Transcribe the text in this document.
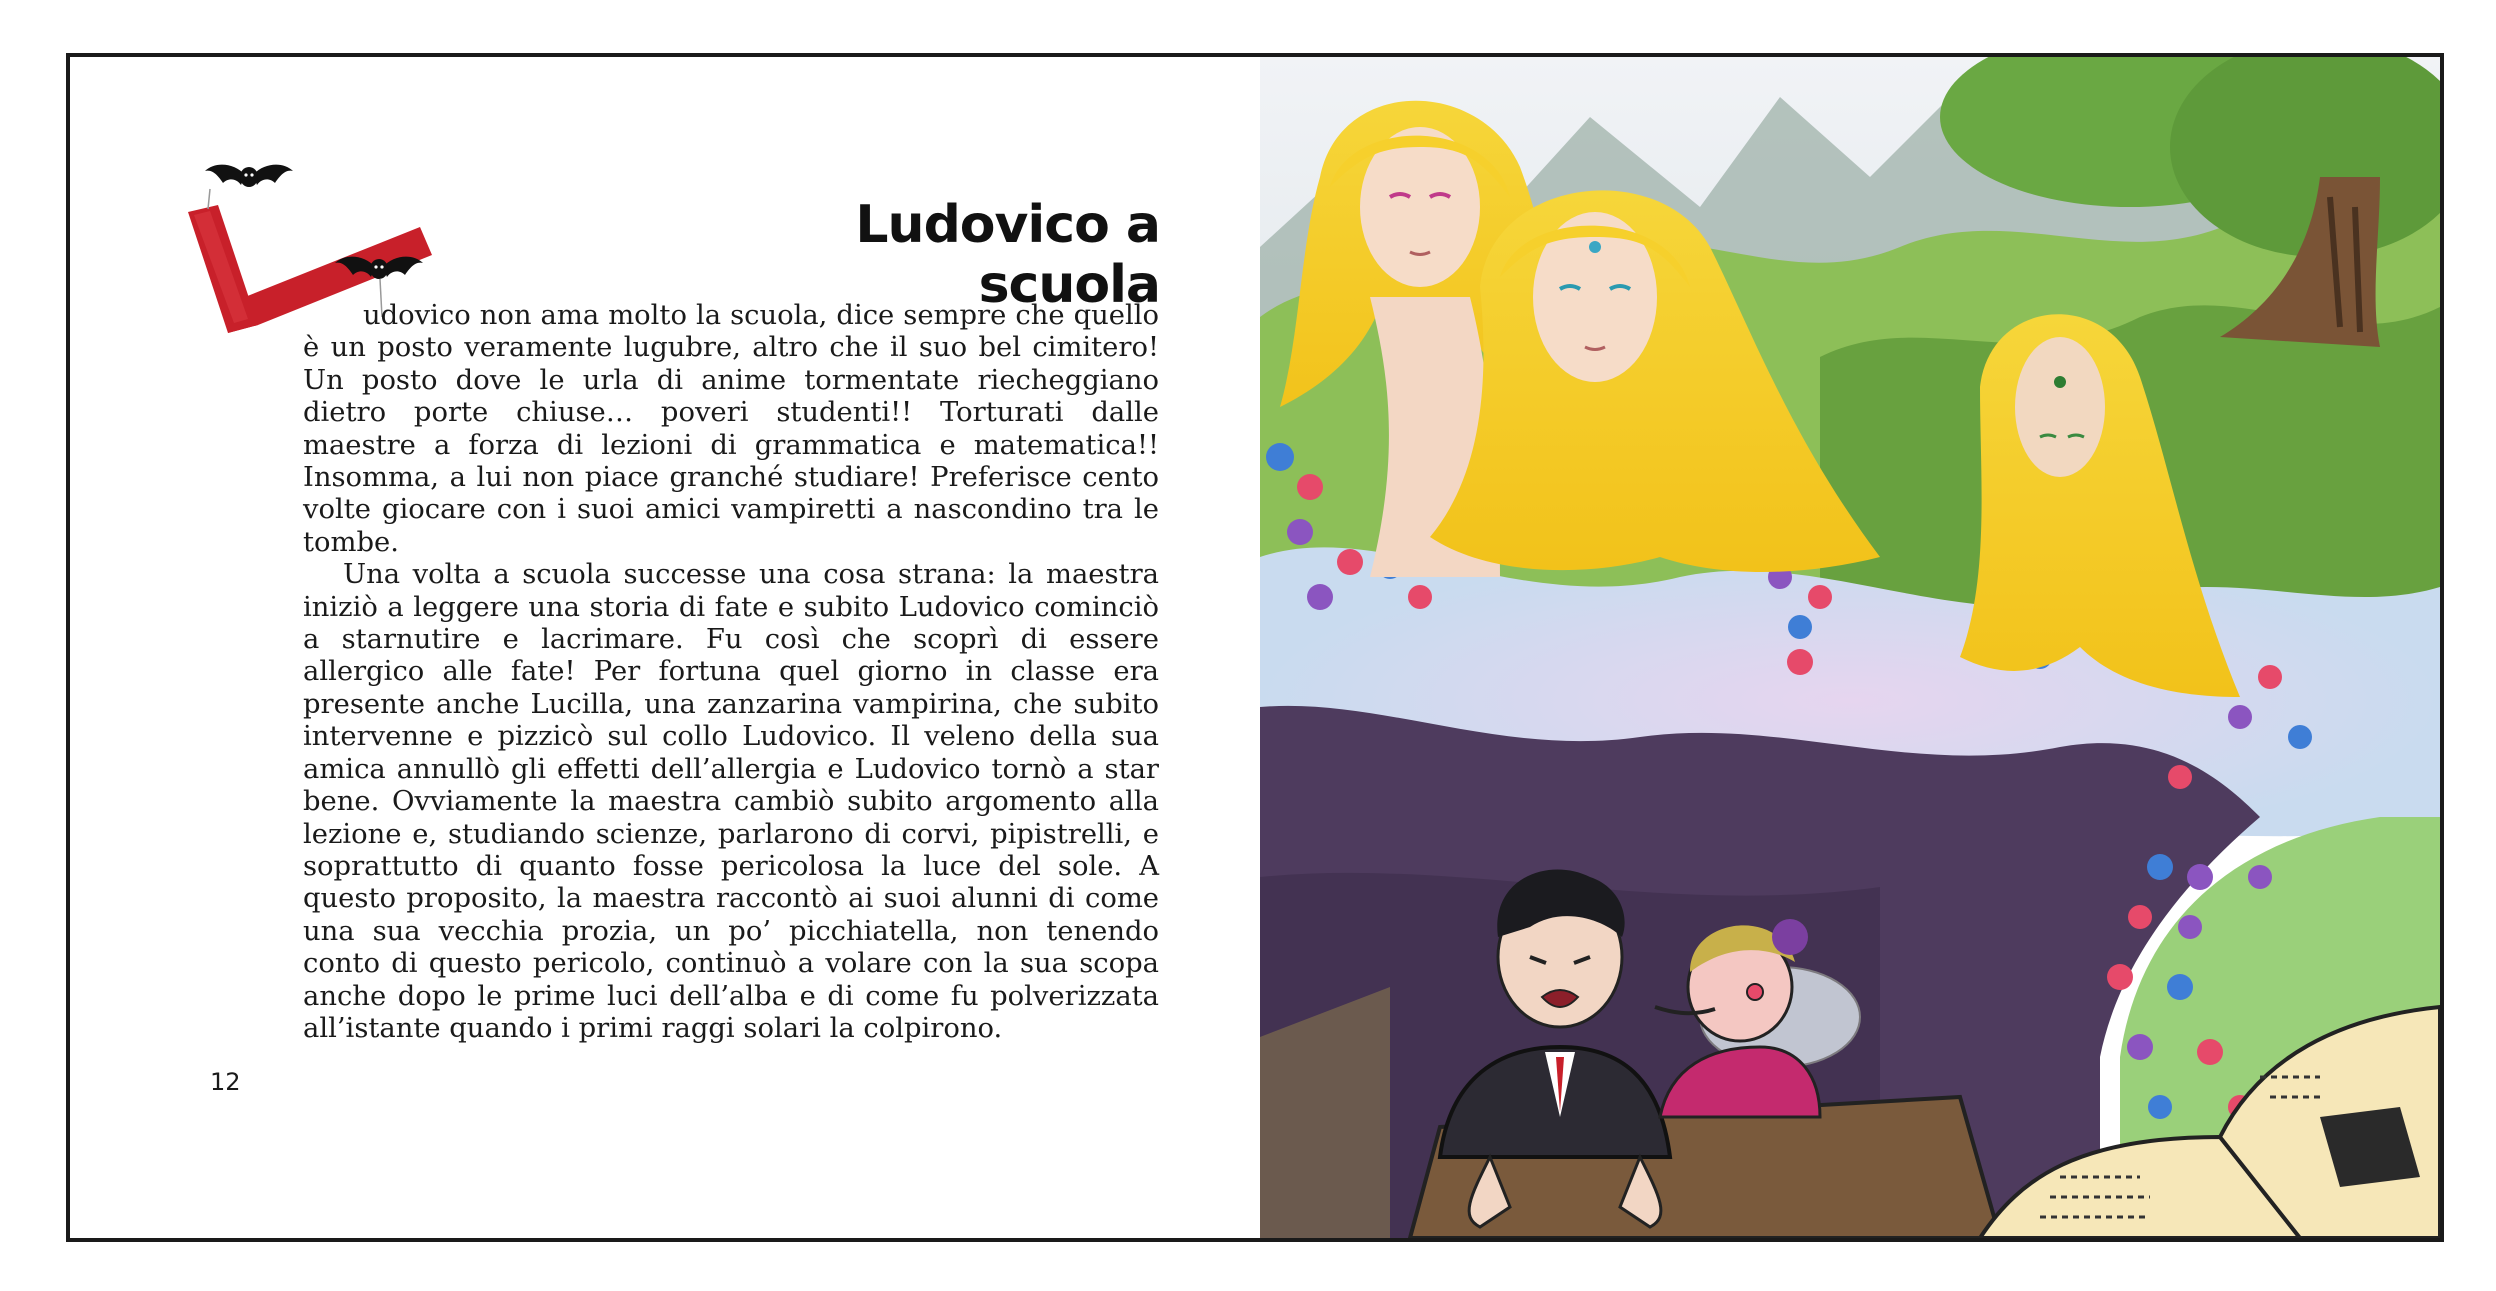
Ludovico a scuola

udovico non ama molto la scuola, dice sempre che quello è un posto veramente lugubre, altro che il suo bel cimitero! Un posto dove le urla di anime tormentate riecheggiano dietro porte chiuse… poveri studenti!! Torturati dalle maestre a forza di lezioni di grammatica e matematica!! Insomma, a lui non piace granché studiare! Preferisce cento volte giocare con i suoi amici vampiretti a nascondino tra le tombe.

Una volta a scuola successe una cosa strana: la maestra iniziò a leggere una storia di fate e subito Ludovico cominciò a starnutire e lacrimare. Fu così che scoprì di essere allergico alle fate! Per fortuna quel giorno in classe era presente anche Lucilla, una zanzarina vampirina, che subito intervenne e pizzicò sul collo Ludovico. Il veleno della sua amica annullò gli effetti dell’allergia e Ludovico tornò a star bene. Ovviamente la maestra cambiò subito argomento alla lezione e, studiando scienze, parlarono di corvi, pipistrelli, e soprattutto di quanto fosse pericolosa la luce del sole. A questo proposito, la maestra raccontò ai suoi alunni di come una sua vecchia prozia, un po’ picchiatella, non tenendo conto di questo pericolo, continuò a volare con la sua scopa anche dopo le prime luci dell’alba e di come fu polverizzata all’istante quando i primi raggi solari la colpirono.

12
